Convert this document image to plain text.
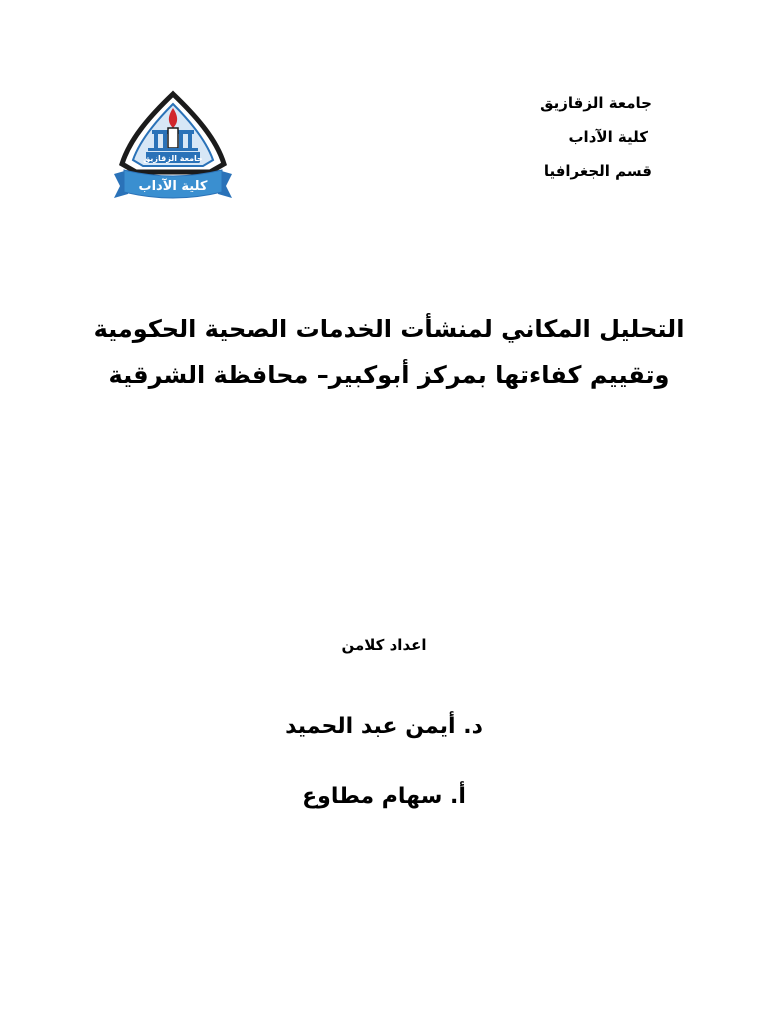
كلية الآداب
جامعة الزقازيق
جامعة الزقازيق
كلية الآداب
قسم الجغرافيا
التحليل المكاني لمنشأت الخدمات الصحية الحكومية
وتقييم كفاءتها بمركز أبوكبير– محافظة الشرقية
اعداد كلامن
د. أيمن عبد الحميد
أ. سهام مطاوع
